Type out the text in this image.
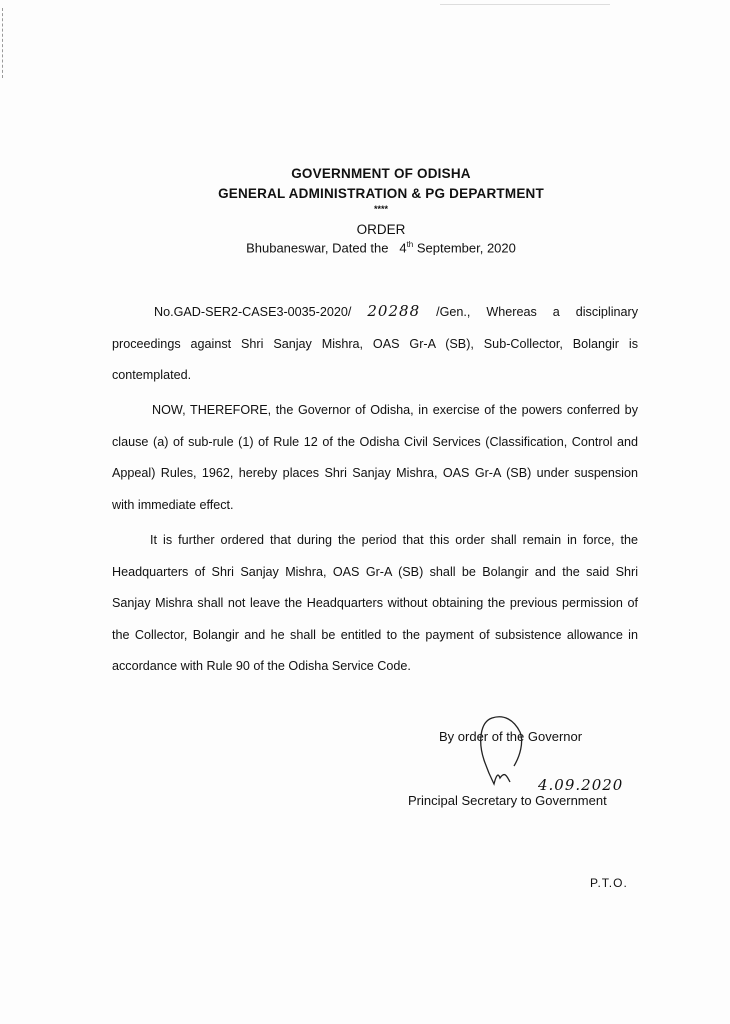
GOVERNMENT OF ODISHA
GENERAL ADMINISTRATION & PG DEPARTMENT
****
ORDER
Bhubaneswar, Dated the 4th September, 2020
No.GAD-SER2-CASE3-0035-2020/ 20288 /Gen., Whereas a disciplinary proceedings against Shri Sanjay Mishra, OAS Gr-A (SB), Sub-Collector, Bolangir is contemplated.
NOW, THEREFORE, the Governor of Odisha, in exercise of the powers conferred by clause (a) of sub-rule (1) of Rule 12 of the Odisha Civil Services (Classification, Control and Appeal) Rules, 1962, hereby places Shri Sanjay Mishra, OAS Gr-A (SB) under suspension with immediate effect.
It is further ordered that during the period that this order shall remain in force, the Headquarters of Shri Sanjay Mishra, OAS Gr-A (SB) shall be Bolangir and the said Shri Sanjay Mishra shall not leave the Headquarters without obtaining the previous permission of the Collector, Bolangir and he shall be entitled to the payment of subsistence allowance in accordance with Rule 90 of the Odisha Service Code.
By order of the Governor
4.09.2020
Principal Secretary to Government
P.T.O.
